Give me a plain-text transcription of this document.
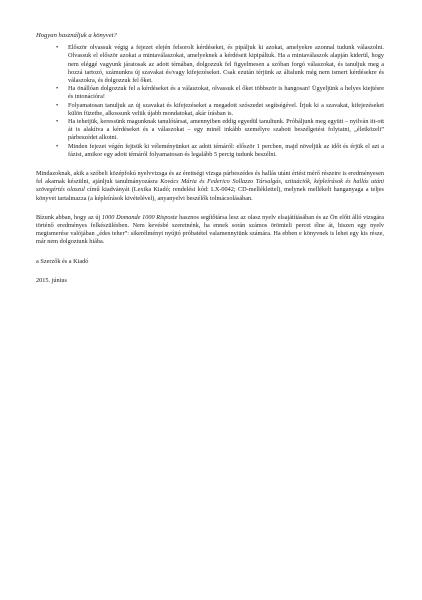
Hogyan használjuk a könyvet?

• Először olvassuk végig a fejezet elején felsorolt kérdéseket, és pipáljuk ki azokat, amelyekre azonnal tudunk válaszolni. Olvassuk el először azokat a mintaválaszokat, amelyeknek a kérdéseit kipipáltuk. Ha a mintaválaszok alapján kiderül, hogy nem eléggé vagyunk járatosak az adott témában, dolgozzuk fel figyelmesen a szóban forgó válaszokat, és tanuljuk meg a hozzá tartozó, számunkra új szavakat és/vagy kifejezéseket. Csak ezután térjünk az általunk még nem ismert kérdésekre és válaszokra, és dolgozzuk fel őket.
• Ha önállóan dolgozzuk fel a kérdéseket és a válaszokat, olvassuk el őket többször is hangosan! Ügyeljünk a helyes kiejtésre és intonációra!
• Folyamatosan tanuljuk az új szavakat és kifejezéseket a megadott szószedet segítségével. Írjuk ki a szavakat, kifejezéseket külön füzetbe, alkossunk velük újabb mondatokat, akár írásban is.
• Ha tehetjük, keressünk magunknak tanulótársat, amennyiben eddig egyedül tanultunk. Próbáljunk meg együtt – nyilván itt-ott át is alakítva a kérdéseket és a válaszokat – egy minél inkább személyre szabott beszélgetést folytatni, „életközeli” párbeszédet alkotni.
• Minden fejezet végén fejtsük ki véleményünket az adott témáról: először 1 percben, majd növeljük az időt és érjük el azt a fázist, amikor egy adott témáról folyamatosan és legalább 5 percig tudunk beszélni.

Mindazoknak, akik a szóbeli középfokú nyelvvizsga és az érettségi vizsga párbeszédes és hallás utáni értést mérő részeire is eredményesen fel akarnak készülni, ajánljuk tanulmányozásra Kovács Mária és Federico Sollazzo Társalgás, szituációk, képleírások és hallás utáni szövegértés olaszul című kiadványát (Lexika Kiadó; rendelési kód: LX-0042; CD-melléklettel), melynek mellékelt hanganyaga a teljes könyvet tartalmazza (a képleírások kivételével), anyanyelvi beszélők tolmácsolásában.

Bízunk abban, hogy az új 1000 Domande 1000 Risposte hasznos segítőtársa lesz az olasz nyelv elsajátításában és az Ön előtt álló vizsgára történő eredményes felkészülésben. Nem kevésbé szeretnénk, ha ennek során számos örömteli percet élne át, hiszen egy nyelv megismerése valójában „édes teher”: sikerélményt nyújtó próbatétel valamennyiünk számára. Ha ebben e könyvnek is lehet egy kis része, már nem dolgoztunk hiába.

a Szerzők és a Kiadó

2015. június
